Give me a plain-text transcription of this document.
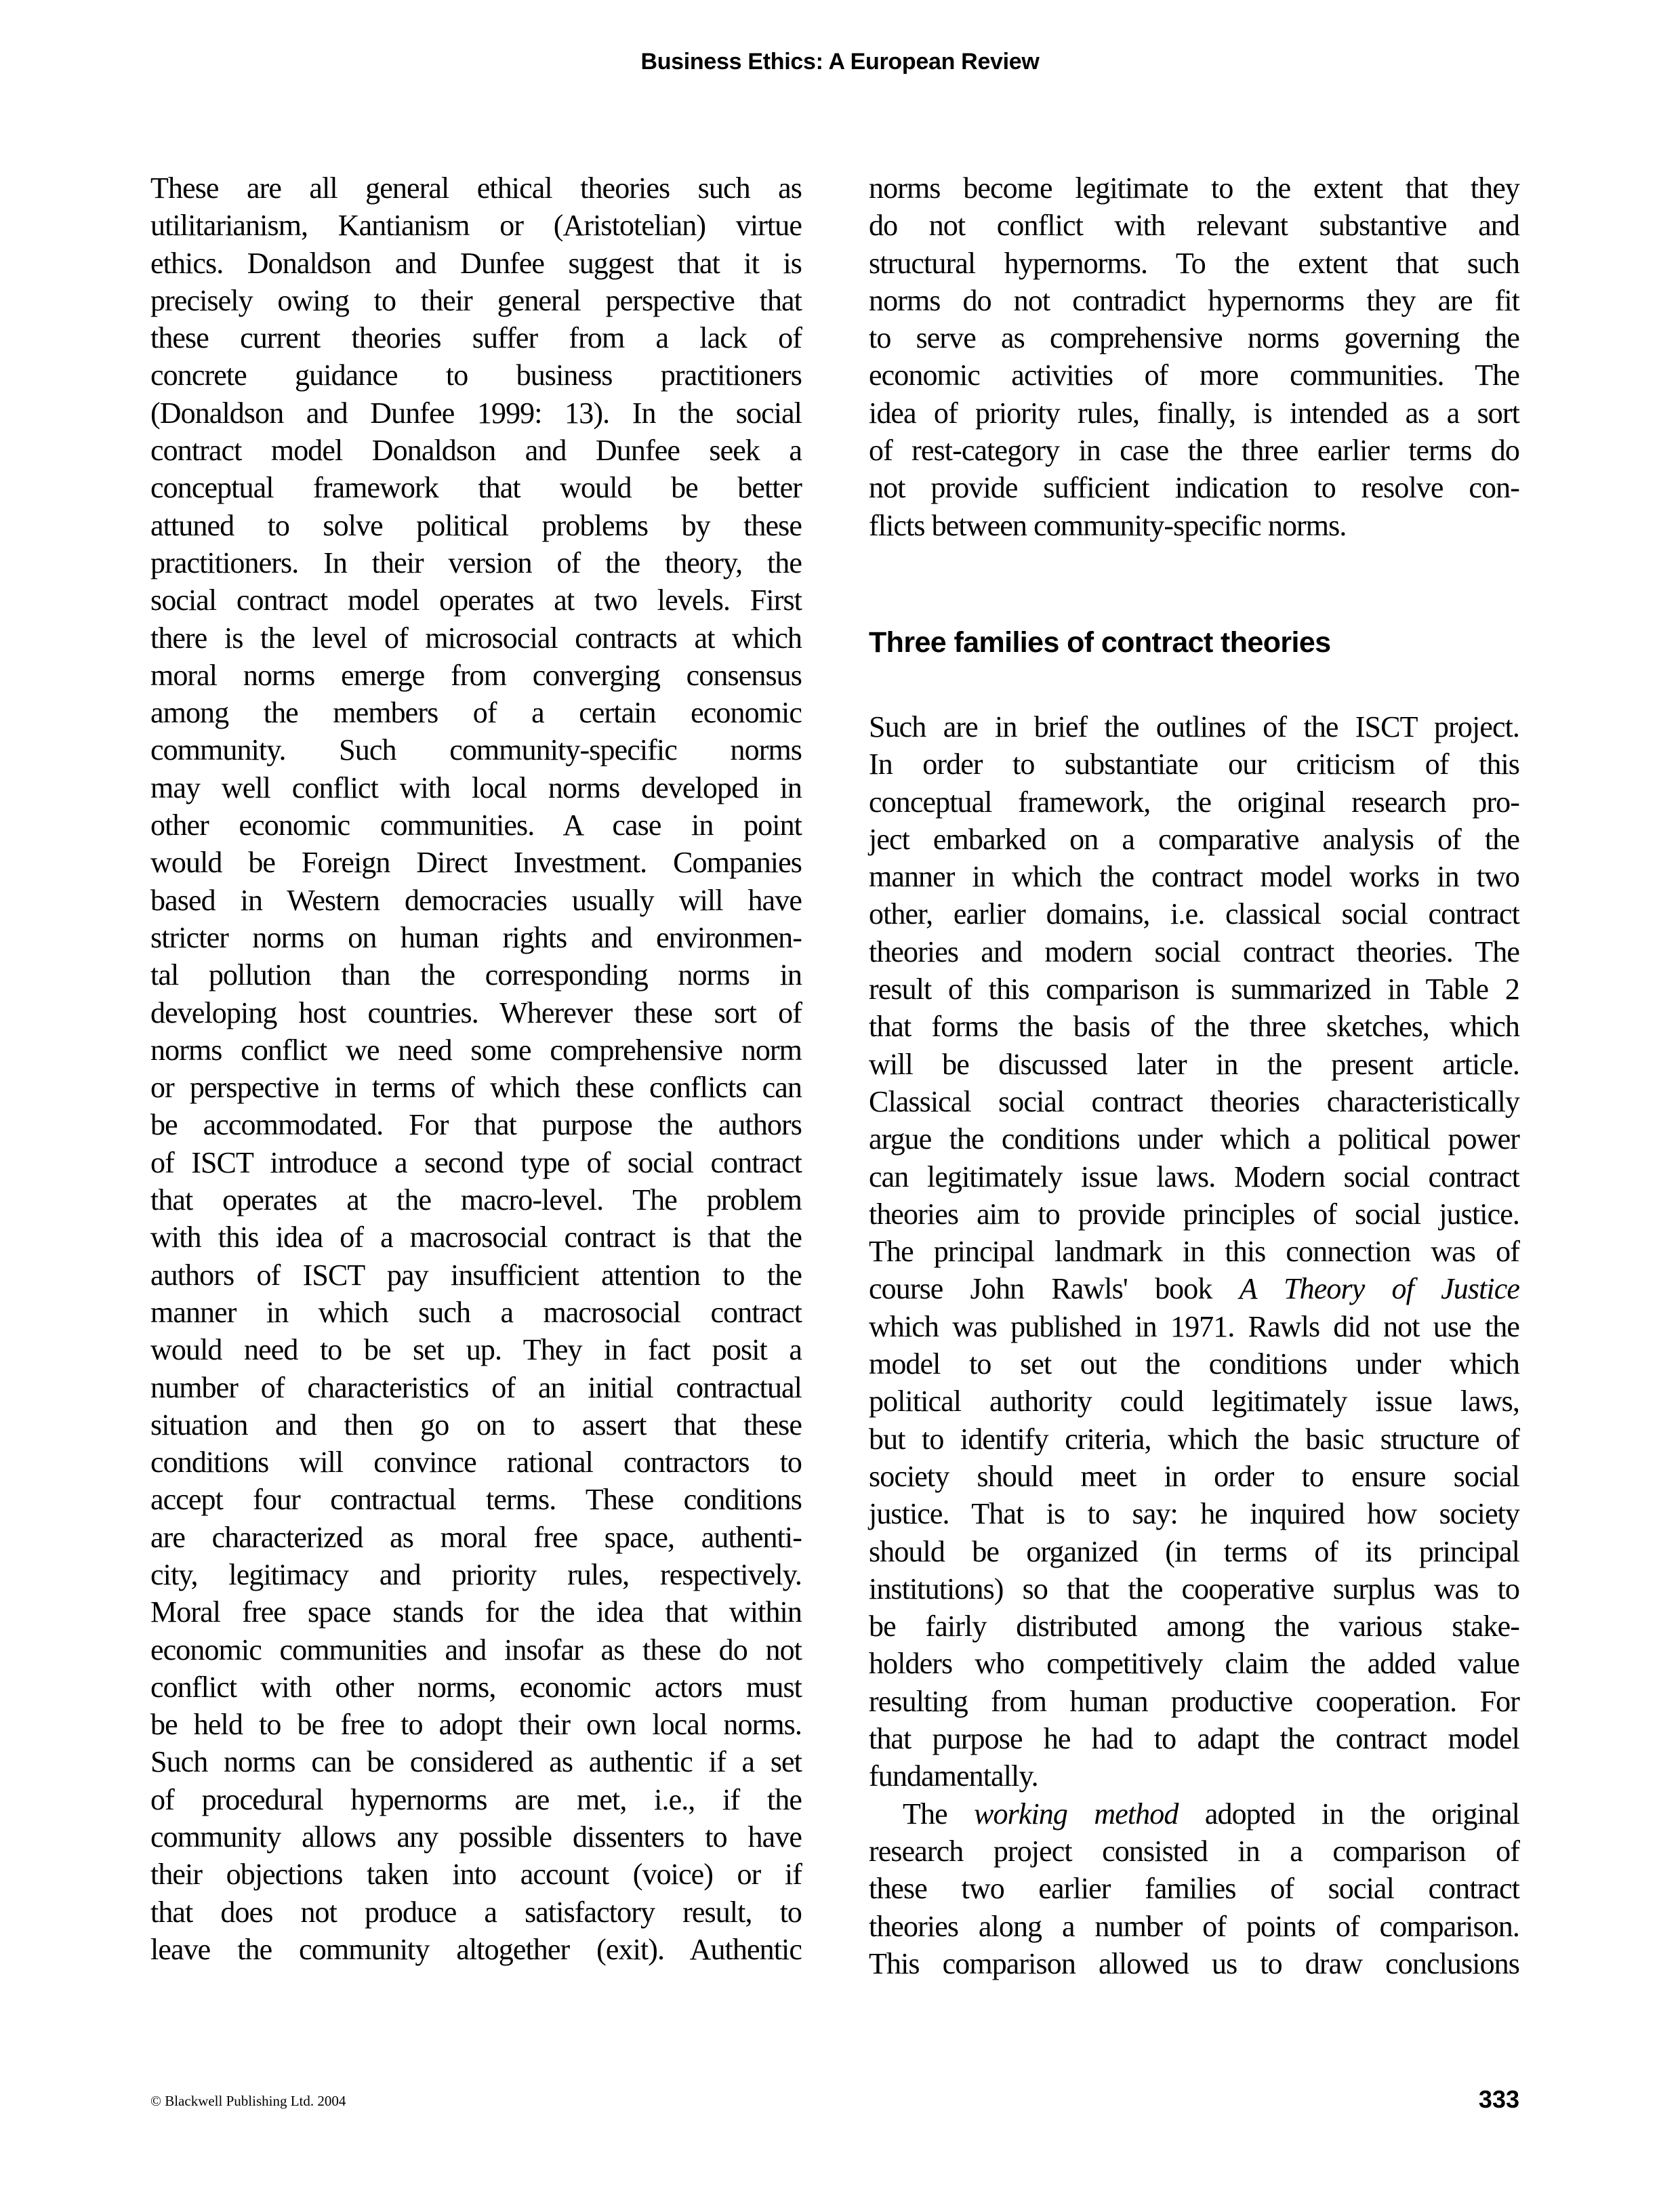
Business Ethics: A European Review
These are all general ethical theories such as
utilitarianism, Kantianism or (Aristotelian) virtue
ethics. Donaldson and Dunfee suggest that it is
precisely owing to their general perspective that
these current theories suffer from a lack of
concrete guidance to business practitioners
(Donaldson and Dunfee 1999: 13). In the social
contract model Donaldson and Dunfee seek a
conceptual framework that would be better
attuned to solve political problems by these
practitioners. In their version of the theory, the
social contract model operates at two levels. First
there is the level of microsocial contracts at which
moral norms emerge from converging consensus
among the members of a certain economic
community. Such community-specific norms
may well conflict with local norms developed in
other economic communities. A case in point
would be Foreign Direct Investment. Companies
based in Western democracies usually will have
stricter norms on human rights and environmen-
tal pollution than the corresponding norms in
developing host countries. Wherever these sort of
norms conflict we need some comprehensive norm
or perspective in terms of which these conflicts can
be accommodated. For that purpose the authors
of ISCT introduce a second type of social contract
that operates at the macro-level. The problem
with this idea of a macrosocial contract is that the
authors of ISCT pay insufficient attention to the
manner in which such a macrosocial contract
would need to be set up. They in fact posit a
number of characteristics of an initial contractual
situation and then go on to assert that these
conditions will convince rational contractors to
accept four contractual terms. These conditions
are characterized as moral free space, authenti-
city, legitimacy and priority rules, respectively.
Moral free space stands for the idea that within
economic communities and insofar as these do not
conflict with other norms, economic actors must
be held to be free to adopt their own local norms.
Such norms can be considered as authentic if a set
of procedural hypernorms are met, i.e., if the
community allows any possible dissenters to have
their objections taken into account (voice) or if
that does not produce a satisfactory result, to
leave the community altogether (exit). Authentic
norms become legitimate to the extent that they
do not conflict with relevant substantive and
structural hypernorms. To the extent that such
norms do not contradict hypernorms they are fit
to serve as comprehensive norms governing the
economic activities of more communities. The
idea of priority rules, finally, is intended as a sort
of rest-category in case the three earlier terms do
not provide sufficient indication to resolve con-
flicts between community-specific norms.
Three families of contract theories
Such are in brief the outlines of the ISCT project.
In order to substantiate our criticism of this
conceptual framework, the original research pro-
ject embarked on a comparative analysis of the
manner in which the contract model works in two
other, earlier domains, i.e. classical social contract
theories and modern social contract theories. The
result of this comparison is summarized in Table 2
that forms the basis of the three sketches, which
will be discussed later in the present article.
Classical social contract theories characteristically
argue the conditions under which a political power
can legitimately issue laws. Modern social contract
theories aim to provide principles of social justice.
The principal landmark in this connection was of
course John Rawls' book A Theory of Justice
which was published in 1971. Rawls did not use the
model to set out the conditions under which
political authority could legitimately issue laws,
but to identify criteria, which the basic structure of
society should meet in order to ensure social
justice. That is to say: he inquired how society
should be organized (in terms of its principal
institutions) so that the cooperative surplus was to
be fairly distributed among the various stake-
holders who competitively claim the added value
resulting from human productive cooperation. For
that purpose he had to adapt the contract model
fundamentally.
The working method adopted in the original
research project consisted in a comparison of
these two earlier families of social contract
theories along a number of points of comparison.
This comparison allowed us to draw conclusions
© Blackwell Publishing Ltd. 2004	333
